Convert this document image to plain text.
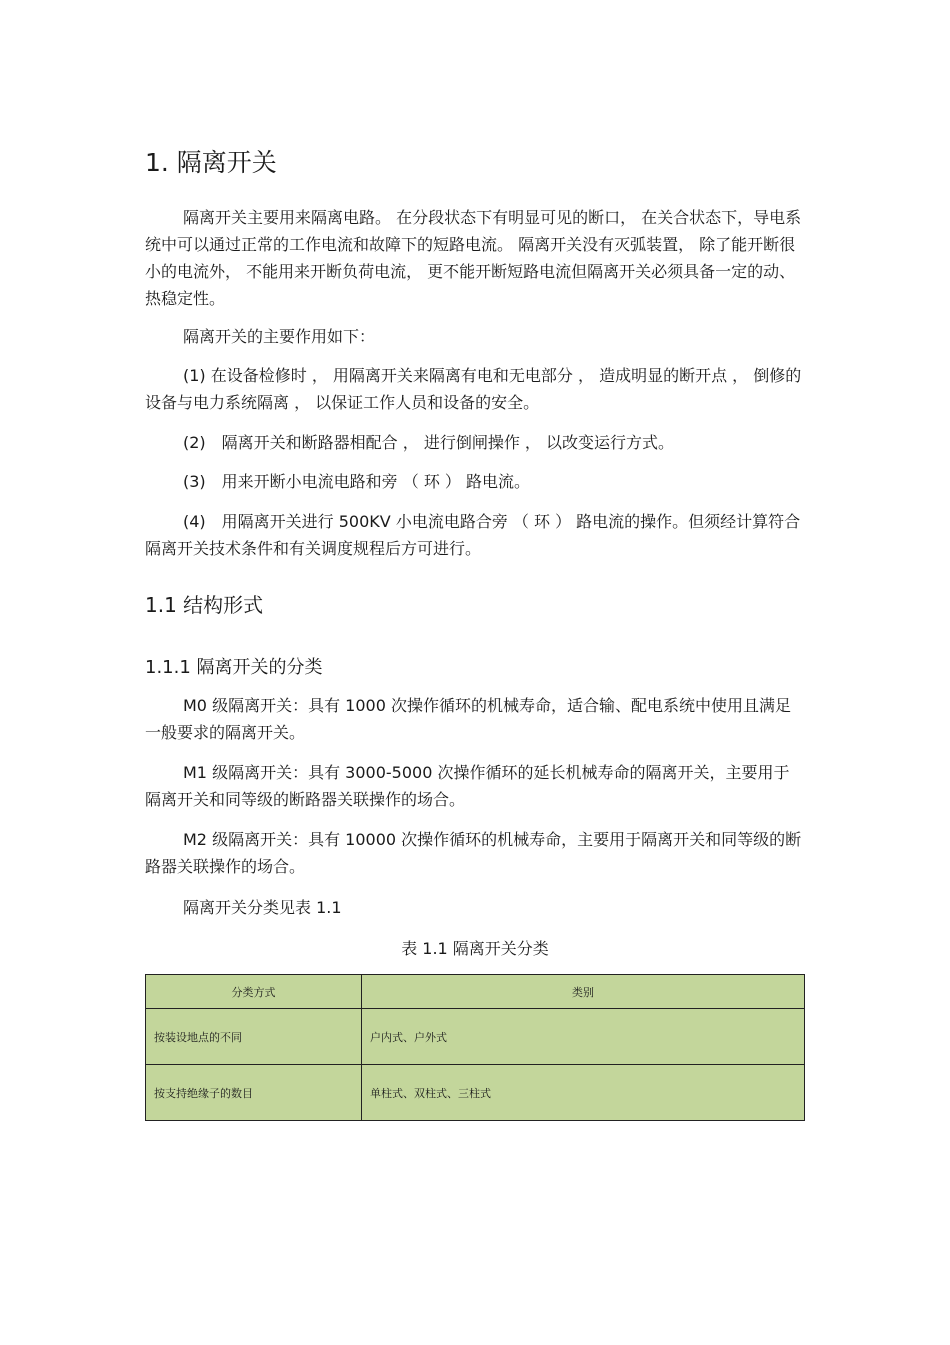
1. 隔离开关

隔离开关主要用来隔离电路。 在分段状态下有明显可见的断口， 在关合状态下，导电系统中可以通过正常的工作电流和故障下的短路电流。 隔离开关没有灭弧装置， 除了能开断很小的电流外， 不能用来开断负荷电流， 更不能开断短路电流但隔离开关必须具备一定的动、热稳定性。

隔离开关的主要作用如下：

(1) 在设备检修时 ， 用隔离开关来隔离有电和无电部分 ， 造成明显的断开点 ， 倒修的设备与电力系统隔离 ， 以保证工作人员和设备的安全。

(2)　隔离开关和断路器相配合 ， 进行倒闸操作 ， 以改变运行方式。

(3)　用来开断小电流电路和旁 （ 环 ） 路电流。

(4)　用隔离开关进行 500KV 小电流电路合旁 （ 环 ） 路电流的操作。但须经计算符合隔离开关技术条件和有关调度规程后方可进行。

1.1 结构形式
1.1.1 隔离开关的分类

M0 级隔离开关：具有 1000 次操作循环的机械寿命，适合输、配电系统中使用且满足一般要求的隔离开关。

M1 级隔离开关：具有 3000-5000 次操作循环的延长机械寿命的隔离开关，主要用于隔离开关和同等级的断路器关联操作的场合。

M2 级隔离开关：具有 10000 次操作循环的机械寿命，主要用于隔离开关和同等级的断路器关联操作的场合。

隔离开关分类见表 1.1

表 1.1 隔离开关分类
分类方式	类别
按装设地点的不同	户内式、户外式
按支持绝缘子的数目	单柱式、双柱式、三柱式
